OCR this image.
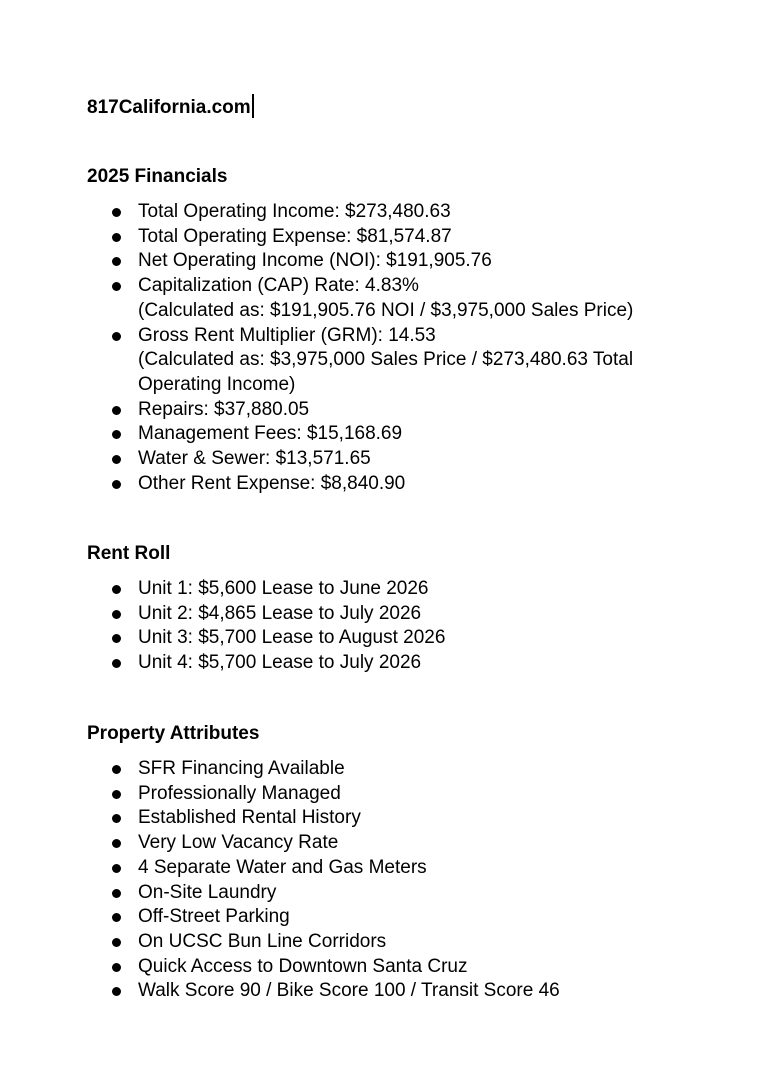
817California.com
2025 Financials
Total Operating Income: $273,480.63
Total Operating Expense: $81,574.87
Net Operating Income (NOI): $191,905.76
Capitalization (CAP) Rate: 4.83%
(Calculated as: $191,905.76 NOI / $3,975,000 Sales Price)
Gross Rent Multiplier (GRM): 14.53
(Calculated as: $3,975,000 Sales Price / $273,480.63 Total
Operating Income)
Repairs: $37,880.05
Management Fees: $15,168.69
Water & Sewer: $13,571.65
Other Rent Expense: $8,840.90
Rent Roll
Unit 1: $5,600 Lease to June 2026
Unit 2: $4,865 Lease to July 2026
Unit 3: $5,700 Lease to August 2026
Unit 4: $5,700 Lease to July 2026
Property Attributes
SFR Financing Available
Professionally Managed
Established Rental History
Very Low Vacancy Rate
4 Separate Water and Gas Meters
On-Site Laundry
Off-Street Parking
On UCSC Bun Line Corridors
Quick Access to Downtown Santa Cruz
Walk Score 90 / Bike Score 100 / Transit Score 46
